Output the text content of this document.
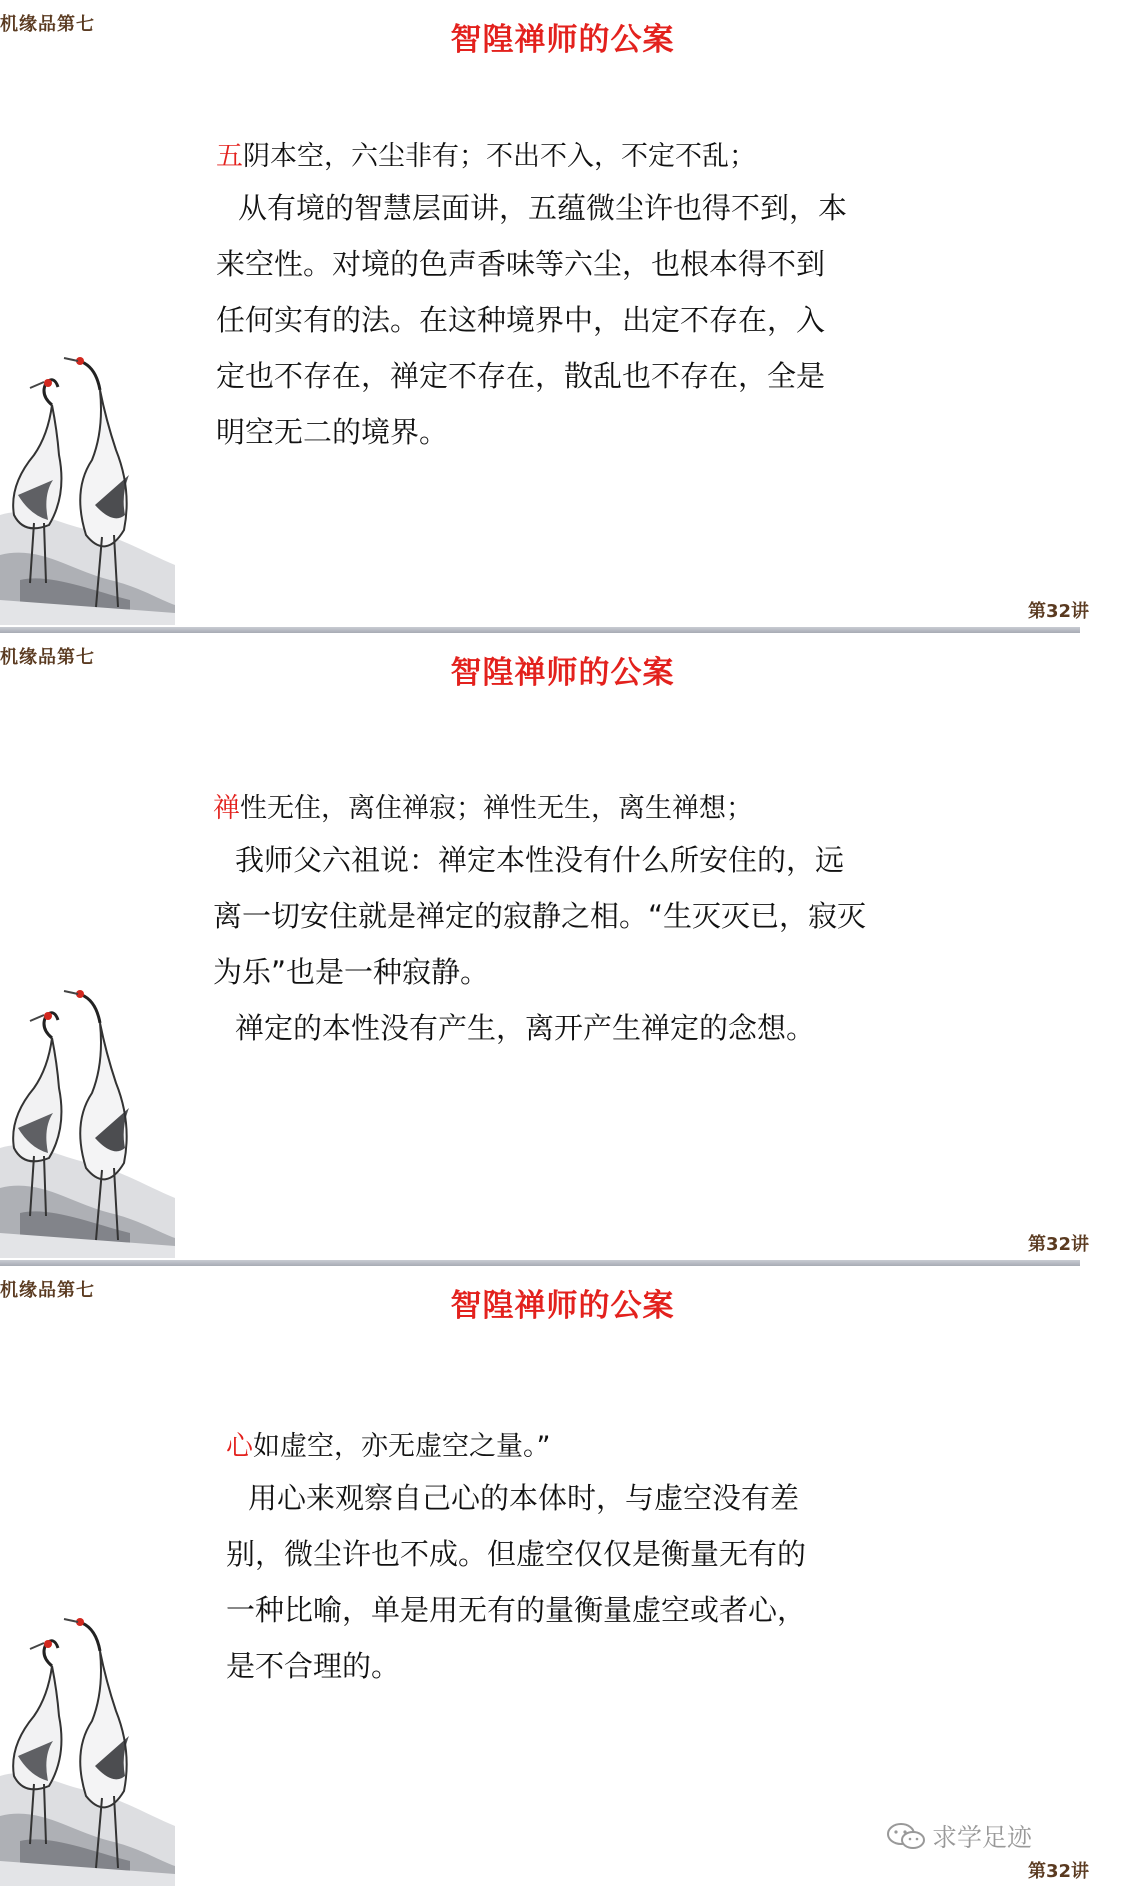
机缘品第七	智隍禅师的公案
五阴本空，六尘非有；不出不入，不定不乱；
从有境的智慧层面讲，五蕴微尘许也得不到，本
来空性。对境的色声香味等六尘，也根本得不到
任何实有的法。在这种境界中，出定不存在，入
定也不存在，禅定不存在，散乱也不存在，全是
明空无二的境界。
第32讲
机缘品第七	智隍禅师的公案
禅性无住，离住禅寂；禅性无生，离生禅想；
我师父六祖说：禅定本性没有什么所安住的，远
离一切安住就是禅定的寂静之相。“生灭灭已，寂灭
为乐”也是一种寂静。
禅定的本性没有产生，离开产生禅定的念想。
第32讲
机缘品第七	智隍禅师的公案
心如虚空，亦无虚空之量。”
用心来观察自己心的本体时，与虚空没有差
别，微尘许也不成。但虚空仅仅是衡量无有的
一种比喻，单是用无有的量衡量虚空或者心，
是不合理的。
第32讲
求学足迹
